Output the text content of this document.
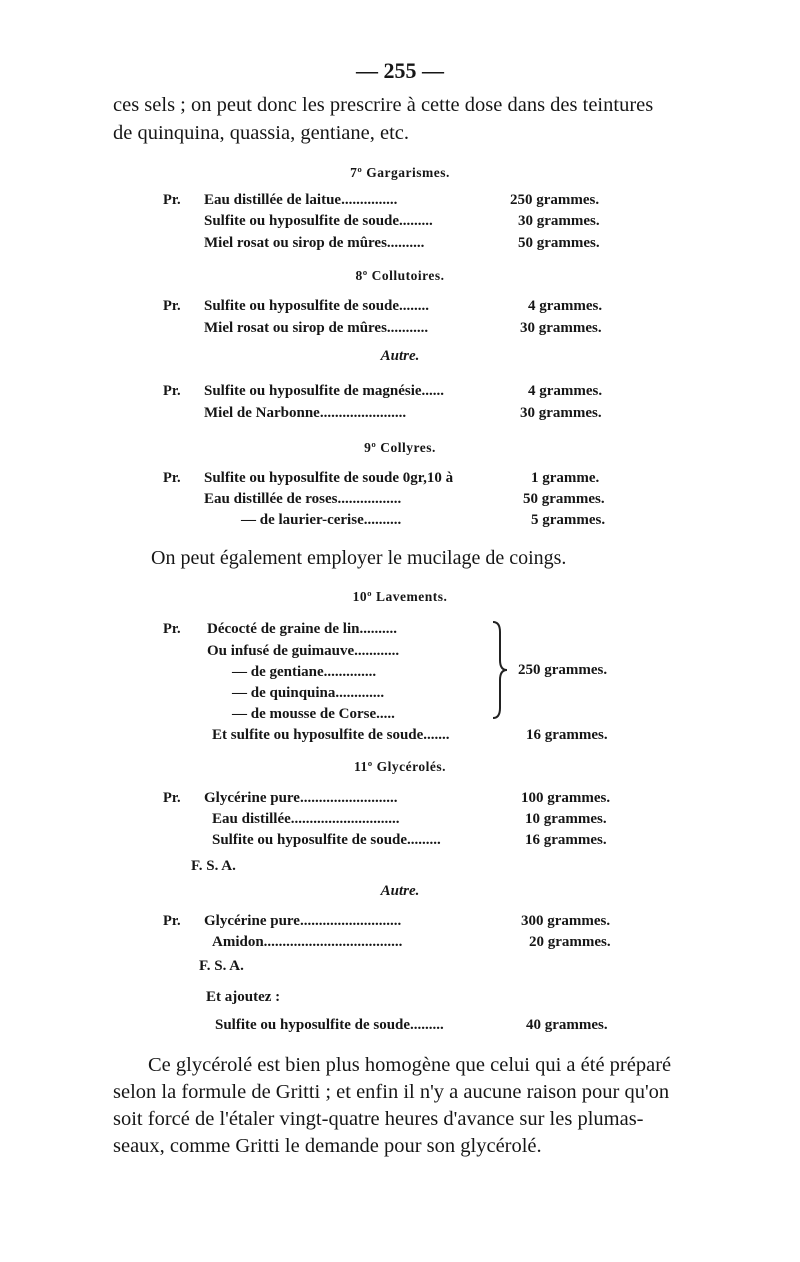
— 255 —
ces sels ; on peut donc les prescrire à cette dose dans des teintures
de quinquina, quassia, gentiane, etc.
7º Gargarismes.
Pr. Eau distillée de laitue...............	250 grammes.
Sulfite ou hyposulfite de soude.........	30 grammes.
Miel rosat ou sirop de mûres..........	50 grammes.
8º Collutoires.
Pr. Sulfite ou hyposulfite de soude........	4 grammes.
Miel rosat ou sirop de mûres...........	30 grammes.
Autre.
Pr. Sulfite ou hyposulfite de magnésie......	4 grammes.
Miel de Narbonne.......................	30 grammes.
9º Collyres.
Pr. Sulfite ou hyposulfite de soude 0gr,10 à	1 gramme.
Eau distillée de roses.................	50 grammes.
— de laurier-cerise..........	5 grammes.
On peut également employer le mucilage de coings.
10º Lavements.
Pr. Décocté de graine de lin..........
Ou infusé de guimauve............
— de gentiane..............
— de quinquina.............
— de mousse de Corse.....
250 grammes.
Et sulfite ou hyposulfite de soude.......	16 grammes.
11º Glycérolés.
Pr. Glycérine pure..........................	100 grammes.
Eau distillée.............................	10 grammes.
Sulfite ou hyposulfite de soude.........	16 grammes.
F. S. A.
Autre.
Pr. Glycérine pure...........................	300 grammes.
Amidon.....................................	20 grammes.
F. S. A.
Et ajoutez :
Sulfite ou hyposulfite de soude.........	40 grammes.
Ce glycérolé est bien plus homogène que celui qui a été préparé
selon la formule de Gritti ; et enfin il n'y a aucune raison pour qu'on
soit forcé de l'étaler vingt-quatre heures d'avance sur les plumas-
seaux, comme Gritti le demande pour son glycérolé.
